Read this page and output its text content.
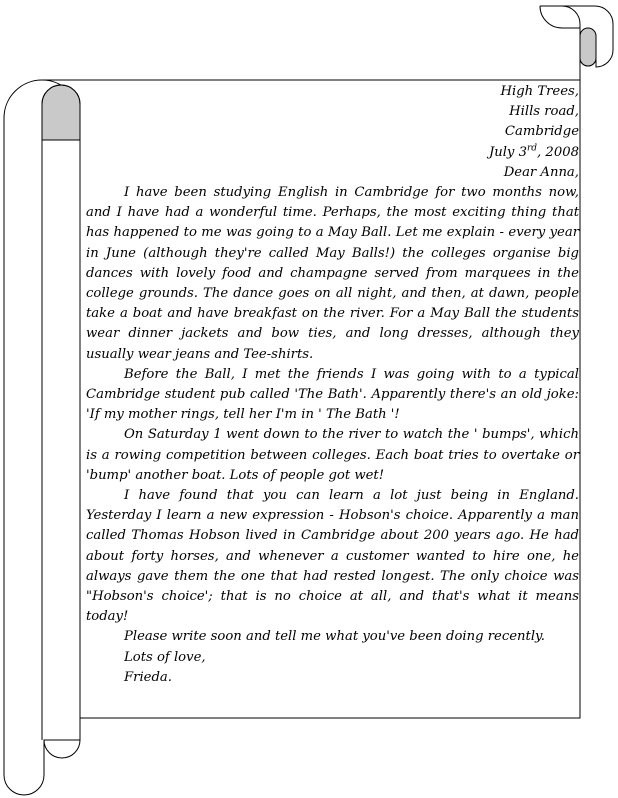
High Trees,
Hills road,
Cambridge
July 3rd, 2008
Dear Anna,

I have been studying English in Cambridge for two months now, and I have had a wonderful time. Perhaps, the most exciting thing that has happened to me was going to a May Ball. Let me explain - every year in June (although they're called May Balls!) the colleges organise big dances with lovely food and champagne served from marquees in the college grounds. The dance goes on all night, and then, at dawn, people take a boat and have breakfast on the river. For a May Ball the students wear dinner jackets and bow ties, and long dresses, although they usually wear jeans and Tee-shirts.

Before the Ball, I met the friends I was going with to a typical Cambridge student pub called 'The Bath'. Apparently there's an old joke: 'If my mother rings, tell her I'm in ' The Bath '!

On Saturday 1 went down to the river to watch the ' bumps', which is a rowing competition between colleges. Each boat tries to overtake or 'bump' another boat. Lots of people got wet!

I have found that you can learn a lot just being in England. Yesterday I learn a new expression - Hobson's choice. Apparently a man called Thomas Hobson lived in Cambridge about 200 years ago. He had about forty horses, and whenever a customer wanted to hire one, he always gave them the one that had rested longest. The only choice was "Hobson's choice'; that is no choice at all, and that's what it means today!

Please write soon and tell me what you've been doing recently.
Lots of love,
Frieda.
